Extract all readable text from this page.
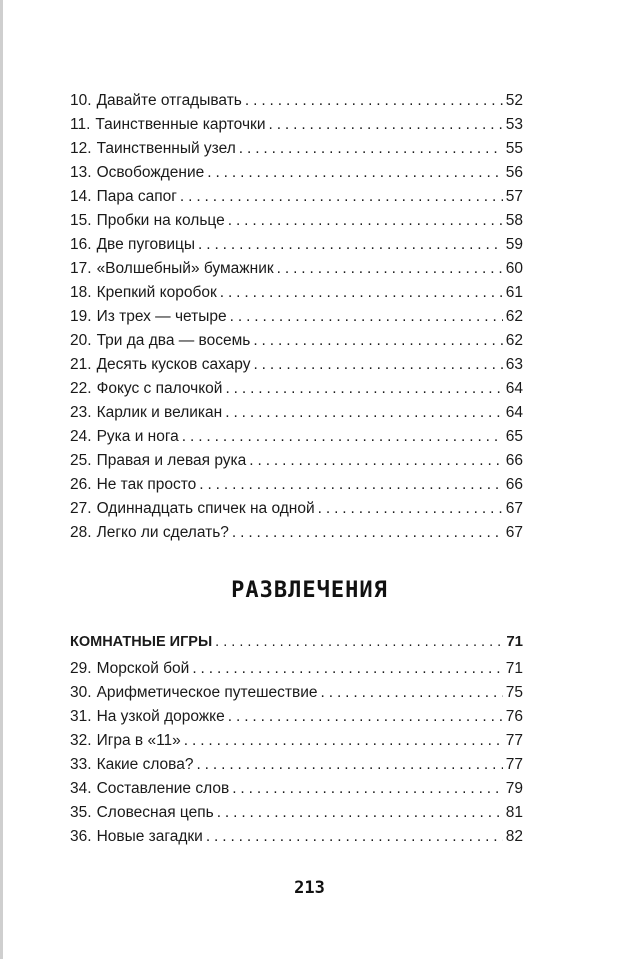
10. Давайте отгадывать . . .	52
11. Таинственные карточки . . .	53
12. Таинственный узел . . .	55
13. Освобождение . . .	56
14. Пара сапог . . .	57
15. Пробки на кольце . . .	58
16. Две пуговицы . . .	59
17. «Волшебный» бумажник . . .	60
18. Крепкий коробок . . .	61
19. Из трех — четыре . . .	62
20. Три да два — восемь . . .	62
21. Десять кусков сахару . . .	63
22. Фокус с палочкой . . .	64
23. Карлик и великан . . .	64
24. Рука и нога . . .	65
25. Правая и левая рука . . .	66
26. Не так просто . . .	66
27. Одиннадцать спичек на одной . . .	67
28. Легко ли сделать? . . .	67
РАЗВЛЕЧЕНИЯ
КОМНАТНЫЕ ИГРЫ . . .	71
29. Морской бой . . .	71
30. Арифметическое путешествие . . .	75
31. На узкой дорожке . . .	76
32. Игра в «11» . . .	77
33. Какие слова? . . .	77
34. Составление слов . . .	79
35. Словесная цепь . . .	81
36. Новые загадки . . .	82
213
